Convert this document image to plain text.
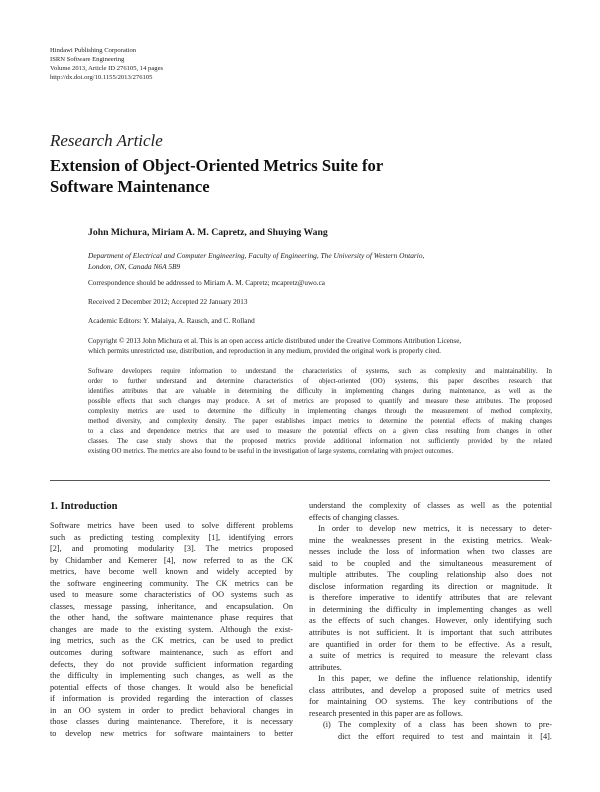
Hindawi Publishing Corporation
ISRN Software Engineering
Volume 2013, Article ID 276105, 14 pages
http://dx.doi.org/10.1155/2013/276105
Research Article
Extension of Object-Oriented Metrics Suite for
Software Maintenance
John Michura, Miriam A. M. Capretz, and Shuying Wang
Department of Electrical and Computer Engineering, Faculty of Engineering, The University of Western Ontario,
London, ON, Canada N6A 5B9
Correspondence should be addressed to Miriam A. M. Capretz; mcapretz@uwo.ca
Received 2 December 2012; Accepted 22 January 2013
Academic Editors: Y. Malaiya, A. Rausch, and C. Rolland
Copyright © 2013 John Michura et al. This is an open access article distributed under the Creative Commons Attribution License,
which permits unrestricted use, distribution, and reproduction in any medium, provided the original work is properly cited.
Software developers require information to understand the characteristics of systems, such as complexity and maintainability. In
order to further understand and determine characteristics of object-oriented (OO) systems, this paper describes research that
identifies attributes that are valuable in determining the difficulty in implementing changes during maintenance, as well as the
possible effects that such changes may produce. A set of metrics are proposed to quantify and measure these attributes. The proposed
complexity metrics are used to determine the difficulty in implementing changes through the measurement of method complexity,
method diversity, and complexity density. The paper establishes impact metrics to determine the potential effects of making changes
to a class and dependence metrics that are used to measure the potential effects on a given class resulting from changes in other
classes. The case study shows that the proposed metrics provide additional information not sufficiently provided by the related
existing OO metrics. The metrics are also found to be useful in the investigation of large systems, correlating with project outcomes.
1. Introduction
Software metrics have been used to solve different problems
such as predicting testing complexity [1], identifying errors
[2], and promoting modularity [3]. The metrics proposed
by Chidamber and Kemerer [4], now referred to as the CK
metrics, have become well known and widely accepted by
the software engineering community. The CK metrics can be
used to measure some characteristics of OO systems such as
classes, message passing, inheritance, and encapsulation. On
the other hand, the software maintenance phase requires that
changes are made to the existing system. Although the exist-
ing metrics, such as the CK metrics, can be used to predict
outcomes during software maintenance, such as effort and
defects, they do not provide sufficient information regarding
the difficulty in implementing such changes, as well as the
potential effects of those changes. It would also be beneficial
if information is provided regarding the interaction of classes
in an OO system in order to predict behavioral changes in
those classes during maintenance. Therefore, it is necessary
to develop new metrics for software maintainers to better
understand the complexity of classes as well as the potential
effects of changing classes.
In order to develop new metrics, it is necessary to deter-
mine the weaknesses present in the existing metrics. Weak-
nesses include the loss of information when two classes are
said to be coupled and the simultaneous measurement of
multiple attributes. The coupling relationship also does not
disclose information regarding its direction or magnitude. It
is therefore imperative to identify attributes that are relevant
in determining the difficulty in implementing changes as well
as the effects of such changes. However, only identifying such
attributes is not sufficient. It is important that such attributes
are quantified in order for them to be effective. As a result,
a suite of metrics is required to measure the relevant class
attributes.
In this paper, we define the influence relationship, identify
class attributes, and develop a proposed suite of metrics used
for maintaining OO systems. The key contributions of the
research presented in this paper are as follows.
(i) The complexity of a class has been shown to pre-
dict the effort required to test and maintain it [4].
